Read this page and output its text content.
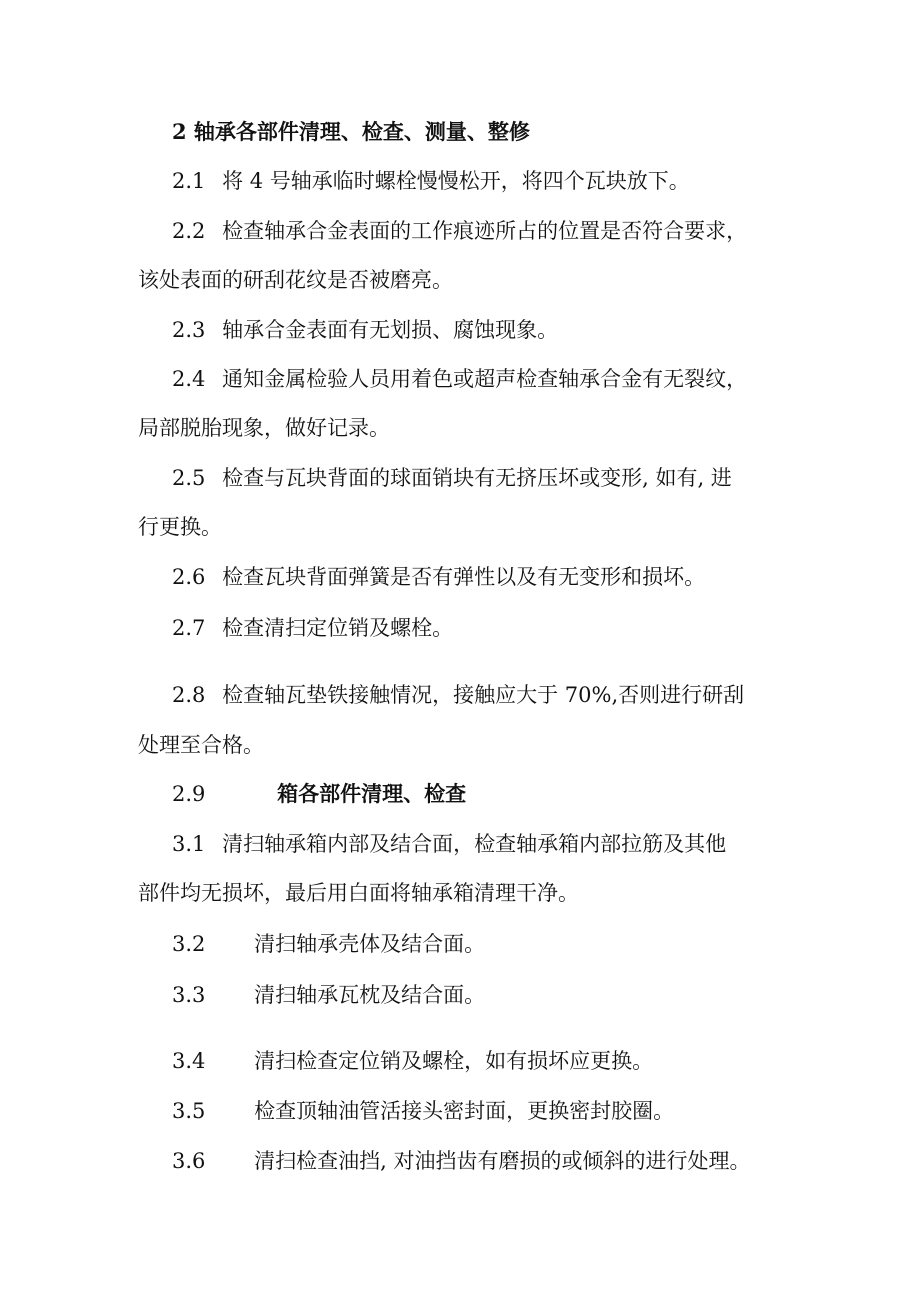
2 轴承各部件清理、检查、测量、整修
2.1 将 4 号轴承临时螺栓慢慢松开，将四个瓦块放下。
2.2 检查轴承合金表面的工作痕迹所占的位置是否符合要求，
该处表面的研刮花纹是否被磨亮。
2.3 轴承合金表面有无划损、腐蚀现象。
2.4 通知金属检验人员用着色或超声检查轴承合金有无裂纹，
局部脱胎现象，做好记录。
2.5 检查与瓦块背面的球面销块有无挤压坏或变形, 如有, 进
行更换。
2.6 检查瓦块背面弹簧是否有弹性以及有无变形和损坏。
2.7 检查清扫定位销及螺栓。
2.8 检查轴瓦垫铁接触情况，接触应大于 70%,否则进行研刮
处理至合格。
2.9	箱各部件清理、检查
3.1 清扫轴承箱内部及结合面，检查轴承箱内部拉筋及其他
部件均无损坏，最后用白面将轴承箱清理干净。
3.2 清扫轴承壳体及结合面。
3.3 清扫轴承瓦枕及结合面。
3.4 清扫检查定位销及螺栓，如有损坏应更换。
3.5 检查顶轴油管活接头密封面，更换密封胶圈。
3.6 清扫检查油挡, 对油挡齿有磨损的或倾斜的进行处理。
